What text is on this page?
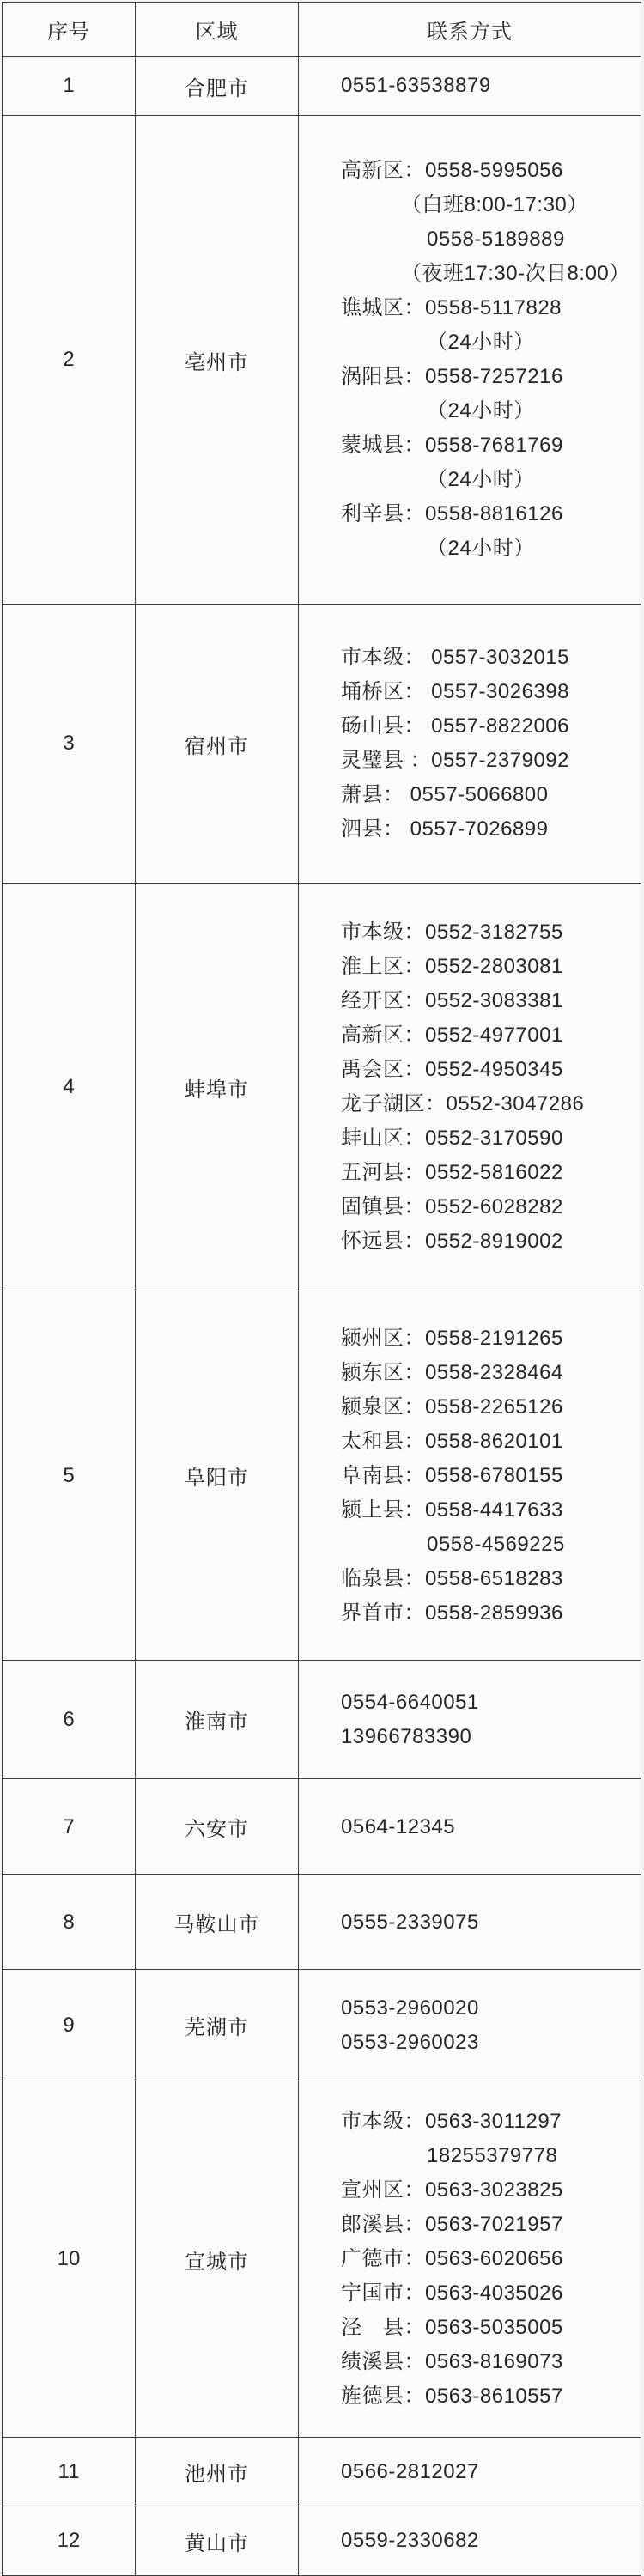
序号	区域	联系方式
1	合肥市	0551-63538879

2	亳州市	
高新区：0558-5995056
（白班8:00-17:30）
0558-5189889
（夜班17:30-次日8:00）
谯城区：0558-5117828
（24小时）
涡阳县：0558-7257216
（24小时）
蒙城县：0558-7681769
（24小时）
利辛县：0558-8816126
（24小时）

3	宿州市	
市本级： 0557-3032015
埇桥区： 0557-3026398
砀山县： 0557-8822006
灵璧县 ：0557-2379092
萧县： 0557-5066800
泗县： 0557-7026899

4	蚌埠市	
市本级：0552-3182755
淮上区：0552-2803081
经开区：0552-3083381
高新区：0552-4977001
禹会区：0552-4950345
龙子湖区：0552-3047286
蚌山区：0552-3170590
五河县：0552-5816022
固镇县：0552-6028282
怀远县：0552-8919002

5	阜阳市	
颍州区：0558-2191265
颍东区：0558-2328464
颍泉区：0558-2265126
太和县：0558-8620101
阜南县：0558-6780155
颍上县：0558-4417633
0558-4569225
临泉县：0558-6518283
界首市：0558-2859936

6	淮南市	0554-6640051
13966783390

7	六安市	0564-12345

8	马鞍山市	0555-2339075

9	芜湖市	0553-2960020
0553-2960023

10	宣城市	
市本级：0563-3011297
18255379778
宣州区：0563-3023825
郎溪县：0563-7021957
广德市：0563-6020656
宁国市：0563-4035026
泾　县：0563-5035005
绩溪县：0563-8169073
旌德县：0563-8610557

11	池州市	0566-2812027

12	黄山市	0559-2330682
